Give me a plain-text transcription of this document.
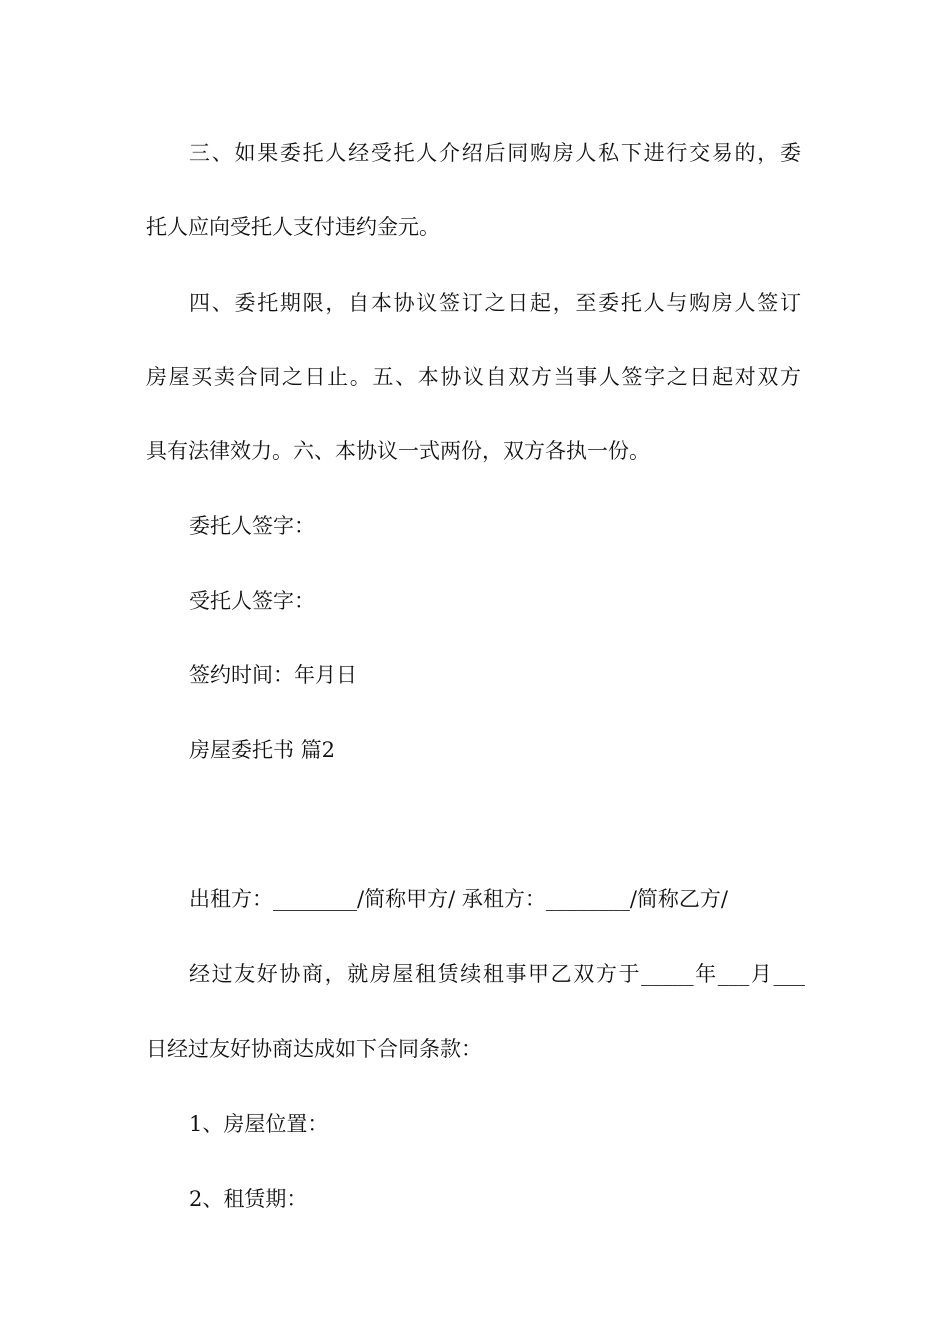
三、如果委托人经受托人介绍后同购房人私下进行交易的，委
托人应向受托人支付违约金元。
四、委托期限，自本协议签订之日起，至委托人与购房人签订
房屋买卖合同之日止。五、本协议自双方当事人签字之日起对双方
具有法律效力。六、本协议一式两份，双方各执一份。
委托人签字：
受托人签字：
签约时间：年月日
房屋委托书 篇2
出租方：________/简称甲方/ 承租方：________/简称乙方/
经过友好协商，就房屋租赁续租事甲乙双方于_____年___月___
日经过友好协商达成如下合同条款：
1、房屋位置：
2、租赁期：
